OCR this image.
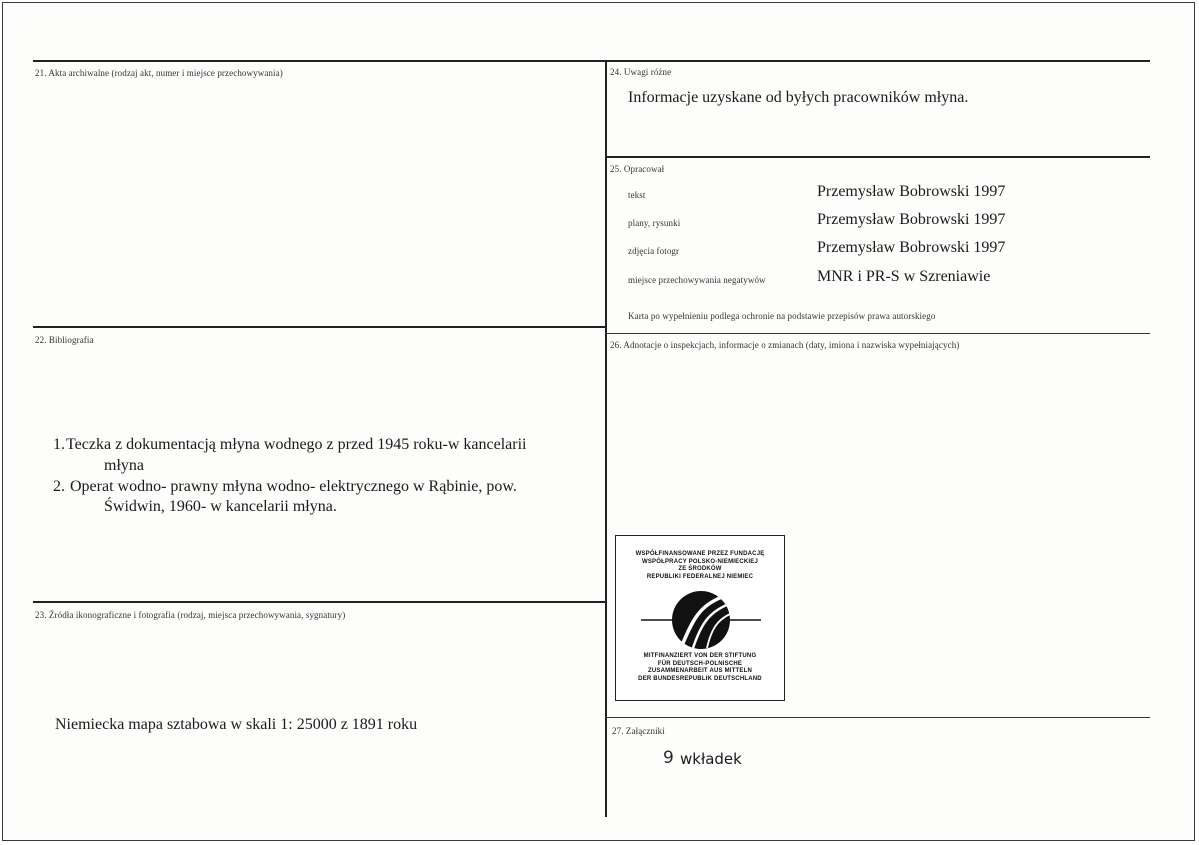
21. Akta archiwalne (rodzaj akt, numer i miejsce przechowywania)
22. Bibliografia
1. Teczka z dokumentacją młyna wodnego z przed 1945 roku-w kancelarii
młyna
2. Operat wodno- prawny młyna wodno- elektrycznego w Rąbinie, pow.
Świdwin, 1960- w kancelarii młyna.
23. Źródła ikonograficzne i fotografia (rodzaj, miejsca przechowywania, sygnatury)
Niemiecka mapa sztabowa w skali 1: 25000 z 1891 roku
24. Uwagi różne
Informacje uzyskane od byłych pracowników młyna.
25. Opracował
tekst	Przemysław Bobrowski 1997
plany, rysunki	Przemysław Bobrowski 1997
zdjęcia fotogr	Przemysław Bobrowski 1997
miejsce przechowywania negatywów	MNR i PR-S w Szreniawie
Karta po wypełnieniu podlega ochronie na podstawie przepisów prawa autorskiego
26. Adnotacje o inspekcjach, informacje o zmianach (daty, imiona i nazwiska wypełniających)
WSPÓŁFINANSOWANE PRZEZ FUNDACJĘ
WSPÓŁPRACY POLSKO-NIEMIECKIEJ
ZE ŚRODKÓW
REPUBLIKI FEDERALNEJ NIEMIEC
MITFINANZIERT VON DER STIFTUNG
FÜR DEUTSCH-POLNISCHE
ZUSAMMENARBEIT AUS MITTELN
DER BUNDESREPUBLIK DEUTSCHLAND
27. Załączniki
9 wkładek
